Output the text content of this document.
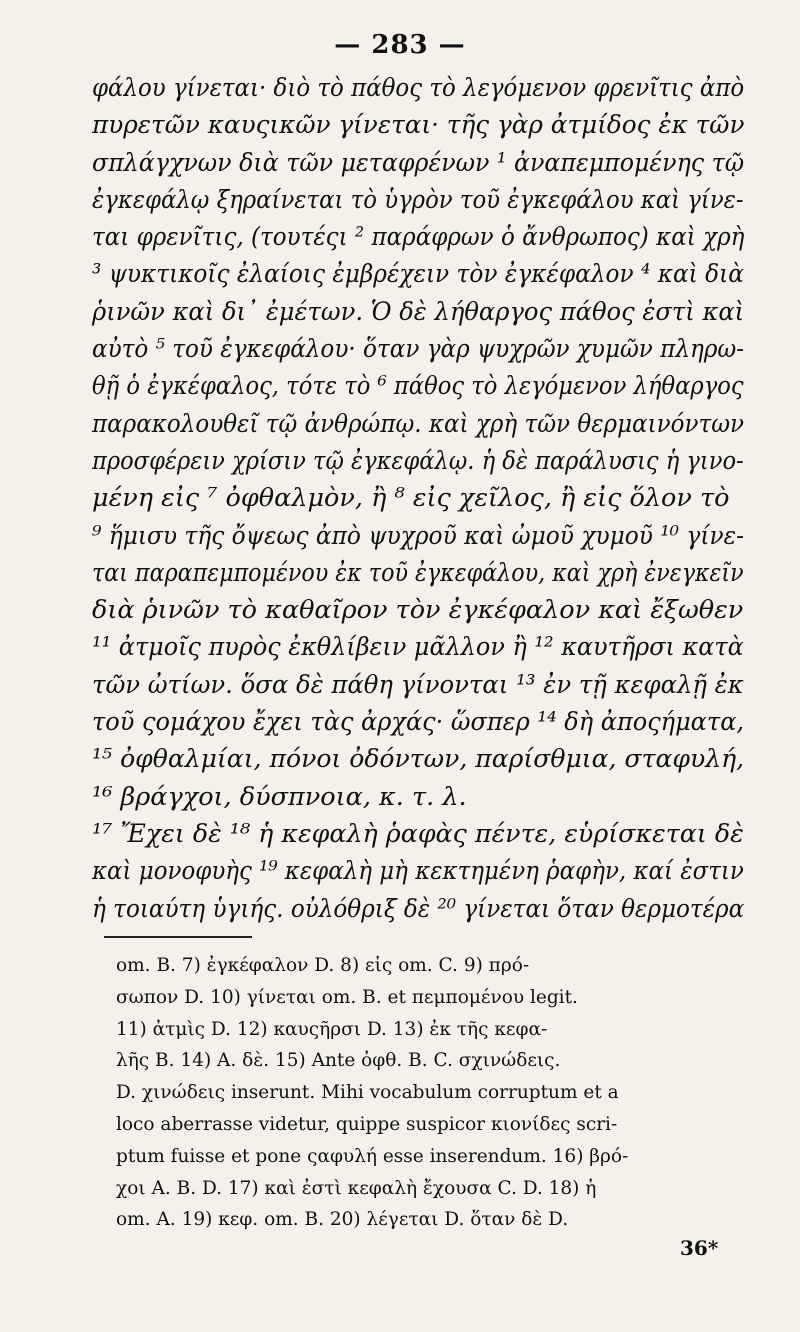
— 283 —
φάλου γίνεται· διὸ τὸ πάθος τὸ λεγόμενον φρενῖτις ἀπὸ
πυρετῶν καυςικῶν γίνεται· τῆς γὰρ ἀτμίδος ἐκ τῶν
σπλάγχνων διὰ τῶν μεταφρένων ¹ ἀναπεμπομένης τῷ
ἐγκεφάλῳ ξηραίνεται τὸ ὑγρὸν τοῦ ἐγκεφάλου καὶ γίνε-
ται φρενῖτις, (τουτέςι ² παράφρων ὁ ἄνθρωπος) καὶ χρὴ
³ ψυκτικοῖς ἐλαίοις ἐμβρέχειν τὸν ἐγκέφαλον ⁴ καὶ διὰ
ῥινῶν καὶ δι᾽ ἐμέτων. Ὁ δὲ λήθαργος πάθος ἐστὶ καὶ
αὐτὸ ⁵ τοῦ ἐγκεφάλου· ὅταν γὰρ ψυχρῶν χυμῶν πληρω-
θῇ ὁ ἐγκέφαλος, τότε τὸ ⁶ πάθος τὸ λεγόμενον λήθαργος
παρακολουθεῖ τῷ ἀνθρώπῳ. καὶ χρὴ τῶν θερμαινόντων
προσφέρειν χρίσιν τῷ ἐγκεφάλῳ. ἡ δὲ παράλυσις ἡ γινο-
μένη εἰς ⁷ ὀφθαλμὸν, ἢ ⁸ εἰς χεῖλος, ἢ εἰς ὅλον τὸ
⁹ ἥμισυ τῆς ὄψεως ἀπὸ ψυχροῦ καὶ ὠμοῦ χυμοῦ ¹⁰ γίνε-
ται παραπεμπομένου ἐκ τοῦ ἐγκεφάλου, καὶ χρὴ ἐνεγκεῖν
διὰ ῥινῶν τὸ καθαῖρον τὸν ἐγκέφαλον καὶ ἔξωθεν
¹¹ ἀτμοῖς πυρὸς ἐκθλίβειν μᾶλλον ἢ ¹² καυτῆρσι κατὰ
τῶν ὠτίων. ὅσα δὲ πάθη γίνονται ¹³ ἐν τῇ κεφαλῇ ἐκ
τοῦ ςομάχου ἔχει τὰς ἀρχάς· ὥσπερ ¹⁴ δὴ ἀποςήματα,
¹⁵ ὀφθαλμίαι, πόνοι ὀδόντων, παρίσθμια, σταφυλή,
¹⁶ βράγχοι, δύσπνοια, κ. τ. λ.
¹⁷ Ἔχει δὲ ¹⁸ ἡ κεφαλὴ ῥαφὰς πέντε, εὑρίσκεται δὲ
καὶ μονοφυὴς ¹⁹ κεφαλὴ μὴ κεκτημένη ῥαφὴν, καί ἐστιν
ἡ τοιαύτη ὑγιής. οὐλόθριξ δὲ ²⁰ γίνεται ὅταν θερμοτέρα
om. B. 7) ἐγκέφαλον D. 8) εἰς om. C. 9) πρό-
σωπον D. 10) γίνεται om. B. et πεμπομένου legit.
11) ἀτμὶς D. 12) καυςῆρσι D. 13) ἐκ τῆς κεφα-
λῆς B. 14) A. δὲ. 15) Ante ὀφθ. B. C. σχινώδεις.
D. χινώδεις inserunt. Mihi vocabulum corruptum et a
loco aberrasse videtur, quippe suspicor κιονίδες scri-
ptum fuisse et pone ςαφυλή esse inserendum. 16) βρό-
χοι A. B. D. 17) καὶ ἐστὶ κεφαλὴ ἔχουσα C. D. 18) ἡ
om. A. 19) κεφ. om. B. 20) λέγεται D. ὅταν δὲ D.
36*
